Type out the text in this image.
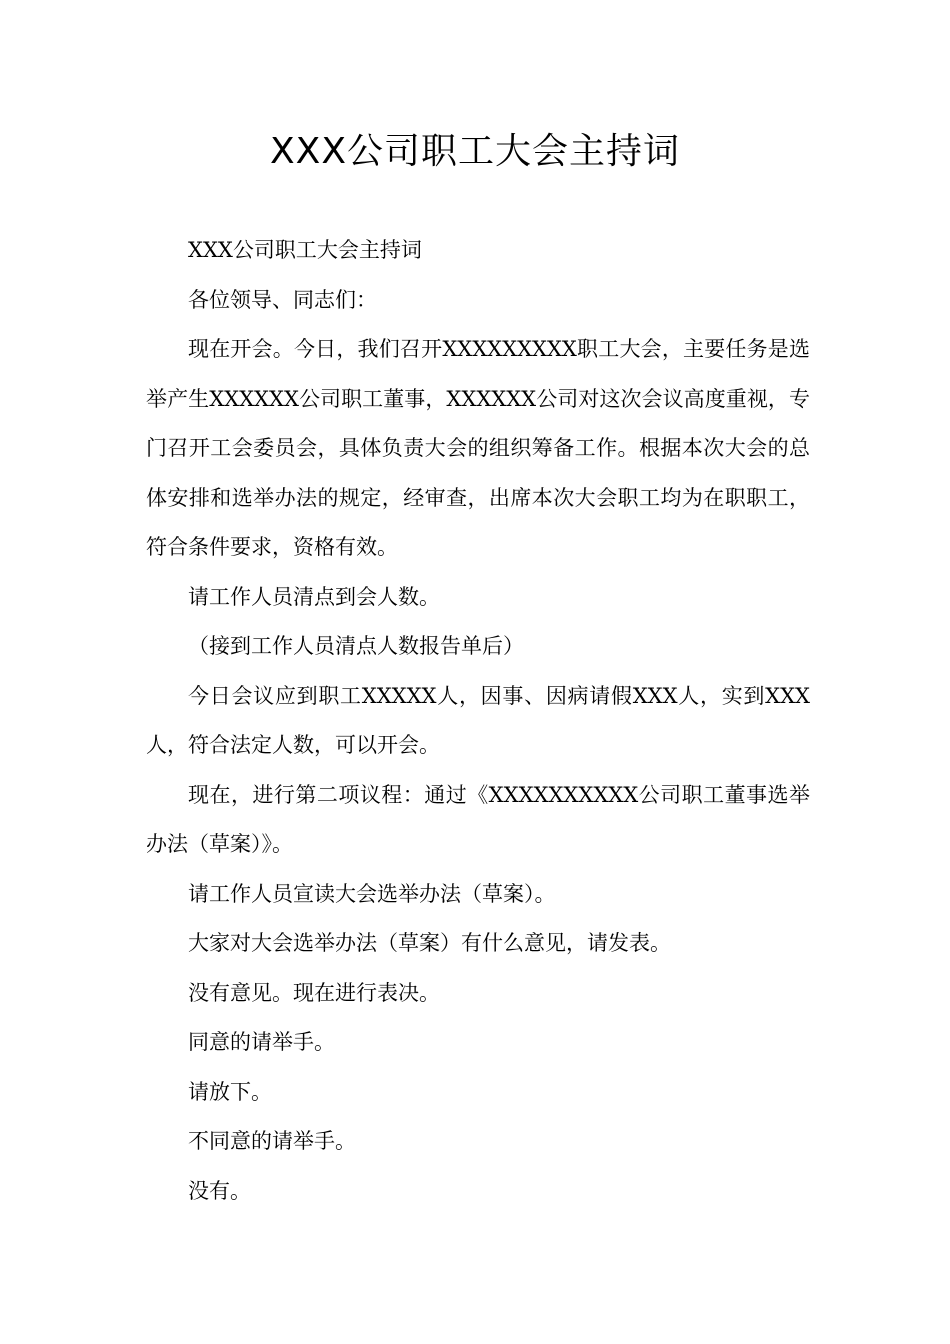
XXX公司职工大会主持词

XXX公司职工大会主持词

各位领导、同志们：

现在开会。今日，我们召开XXXXXXXXX职工大会，主要任务是选举产生XXXXXX公司职工董事，XXXXXX公司对这次会议高度重视，专门召开工会委员会，具体负责大会的组织筹备工作。根据本次大会的总体安排和选举办法的规定，经审查，出席本次大会职工均为在职职工，符合条件要求，资格有效。

请工作人员清点到会人数。

（接到工作人员清点人数报告单后）

今日会议应到职工XXXXX人，因事、因病请假XXX人，实到XXX人，符合法定人数，可以开会。

现在，进行第二项议程：通过《XXXXXXXXXX公司职工董事选举办法（草案）》。

请工作人员宣读大会选举办法（草案）。

大家对大会选举办法（草案）有什么意见，请发表。

没有意见。现在进行表决。

同意的请举手。

请放下。

不同意的请举手。

没有。
